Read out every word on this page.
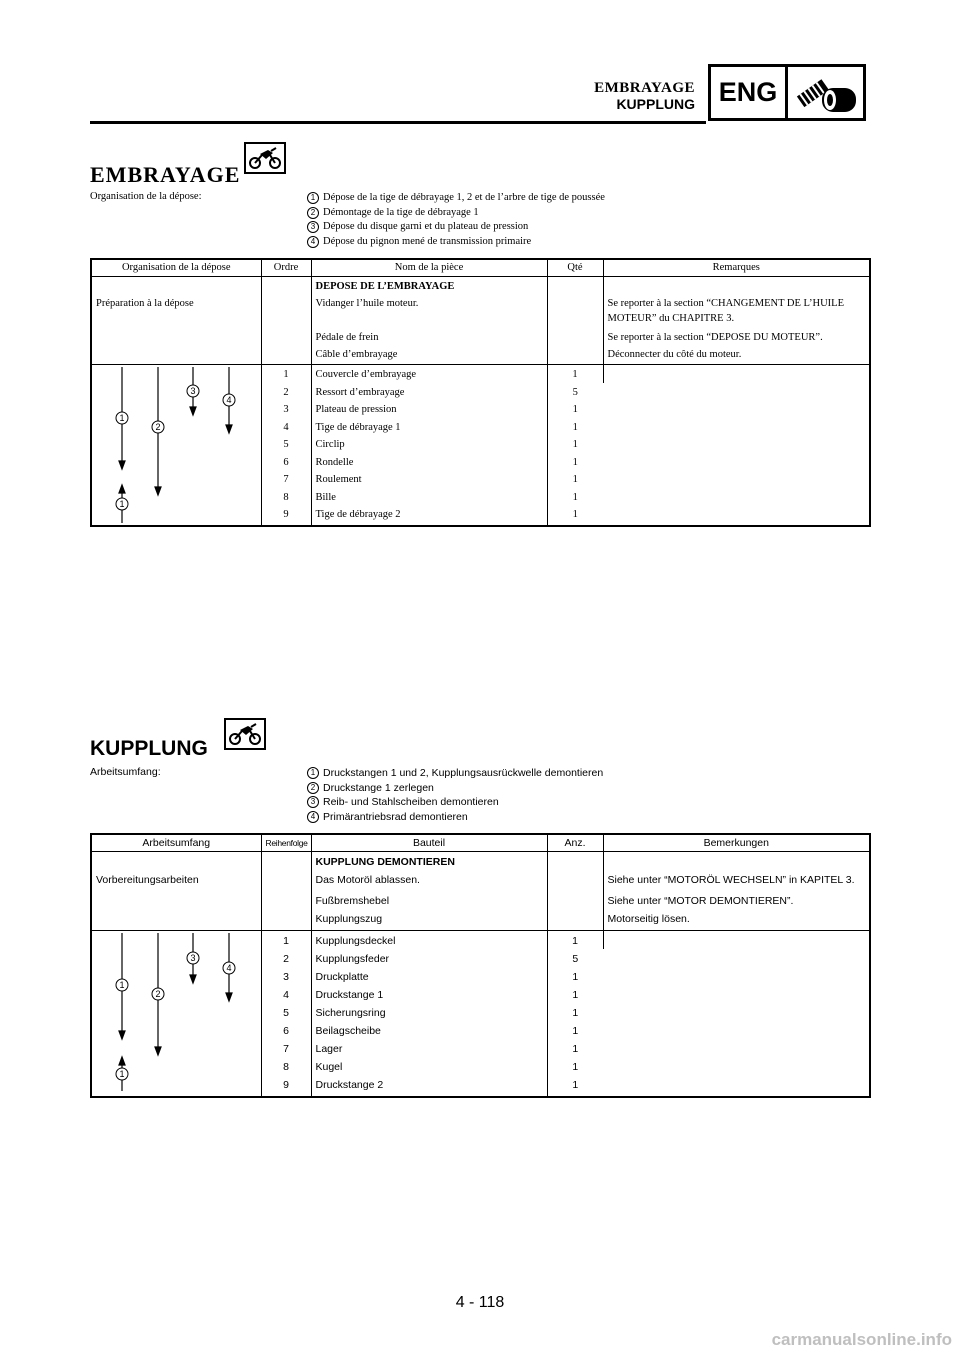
EMBRAYAGE
KUPPLUNG ENG
EMBRAYAGE
Organisation de la dépose:	1 Dépose de la tige de débrayage 1, 2 et de l’arbre de tige de poussée
2 Démontage de la tige de débrayage 1
3 Dépose du disque garni et du plateau de pression
4 Dépose du pignon mené de transmission primaire
Organisation de la dépose	Ordre	Nom de la pièce	Qté	Remarques
		DEPOSE DE L’EMBRAYAGE		
Préparation à la dépose		Vidanger l’huile moteur.		Se reporter à la section “CHANGEMENT DE L’HUILE MOTEUR” du CHAPITRE 3.
		Pédale de frein		Se reporter à la section “DEPOSE DU MOTEUR”.
		Câble d’embrayage		Déconnecter du côté du moteur.

1
2
3
4
1	1	Couvercle d’embrayage	1	
	2	Ressort d’embrayage	5	
	3	Plateau de pression	1	
	4	Tige de débrayage 1	1	
	5	Circlip	1	
	6	Rondelle	1	
	7	Roulement	1	
	8	Bille	1	
	9	Tige de débrayage 2	1	
KUPPLUNG
Arbeitsumfang:	1 Druckstangen 1 und 2, Kupplungsausrückwelle demontieren
2 Druckstange 1 zerlegen
3 Reib- und Stahlscheiben demontieren
4 Primärantriebsrad demontieren
Arbeitsumfang	Reihenfolge	Bauteil	Anz.	Bemerkungen
		KUPPLUNG DEMONTIEREN		
Vorbereitungsarbeiten		Das Motoröl ablassen.		Siehe unter “MOTORÖL WECHSELN” in KAPITEL 3.
		Fußbremshebel		Siehe unter “MOTOR DEMONTIEREN”.
		Kupplungszug		Motorseitig lösen.

1
2
3
4
1	1	Kupplungsdeckel	1	
	2	Kupplungsfeder	5	
	3	Druckplatte	1	
	4	Druckstange 1	1	
	5	Sicherungsring	1	
	6	Beilagscheibe	1	
	7	Lager	1	
	8	Kugel	1	
	9	Druckstange 2	1	
4 - 118
carmanualsonline.info
